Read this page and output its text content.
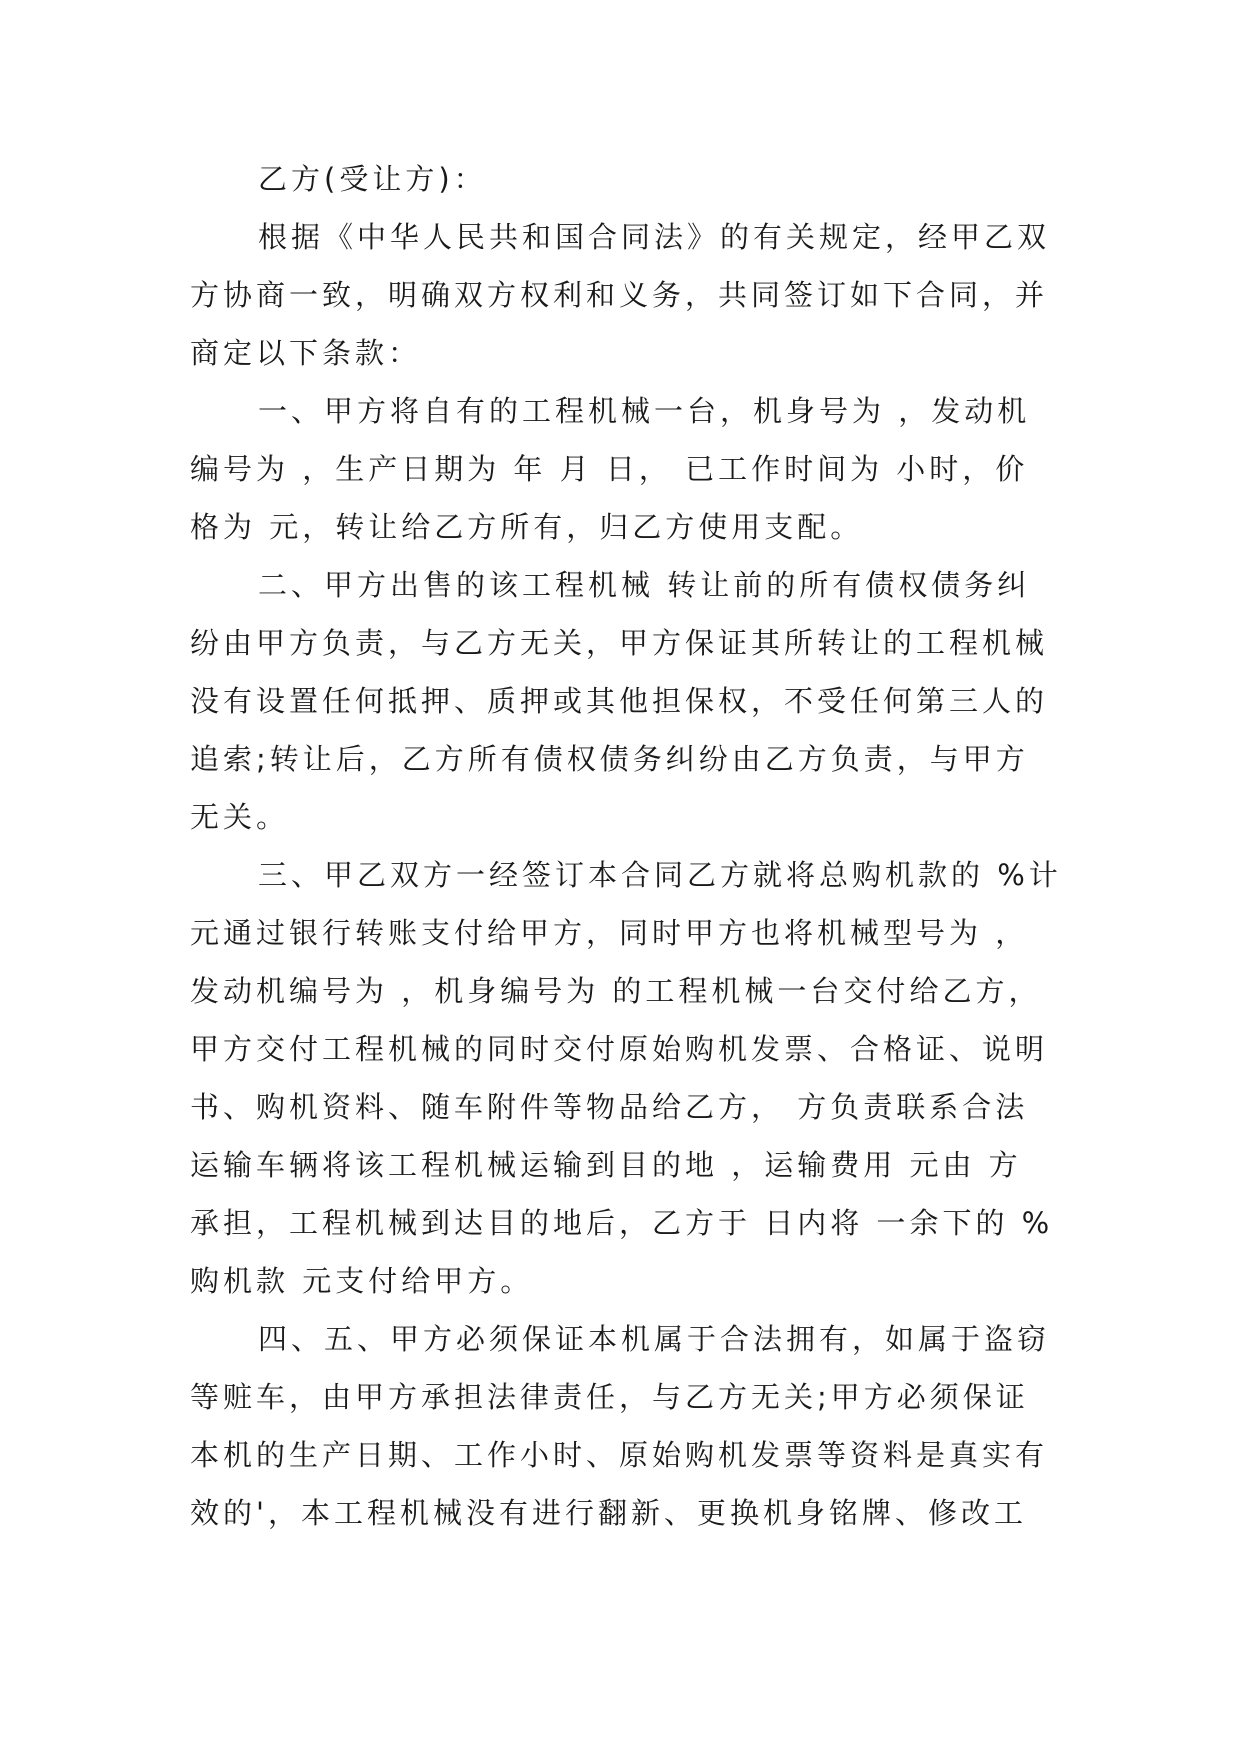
乙方(受让方)：

根据《中华人民共和国合同法》的有关规定，经甲乙双

方协商一致，明确双方权利和义务，共同签订如下合同，并

商定以下条款：

一、甲方将自有的工程机械一台，机身号为 ，发动机

编号为 ，生产日期为 年 月 日， 已工作时间为 小时，价

格为 元，转让给乙方所有，归乙方使用支配。

二、甲方出售的该工程机械 转让前的所有债权债务纠

纷由甲方负责，与乙方无关，甲方保证其所转让的工程机械

没有设置任何抵押、质押或其他担保权，不受任何第三人的

追索;转让后，乙方所有债权债务纠纷由乙方负责，与甲方

无关。

三、甲乙双方一经签订本合同乙方就将总购机款的 %计

元通过银行转账支付给甲方，同时甲方也将机械型号为 ，

发动机编号为 ，机身编号为 的工程机械一台交付给乙方，

甲方交付工程机械的同时交付原始购机发票、合格证、说明

书、购机资料、随车附件等物品给乙方， 方负责联系合法

运输车辆将该工程机械运输到目的地 ，运输费用 元由 方

承担，工程机械到达目的地后，乙方于 日内将 一余下的 %

购机款 元支付给甲方。

四、五、甲方必须保证本机属于合法拥有，如属于盗窃

等赃车，由甲方承担法律责任，与乙方无关;甲方必须保证

本机的生产日期、工作小时、原始购机发票等资料是真实有

效的'，本工程机械没有进行翻新、更换机身铭牌、修改工
